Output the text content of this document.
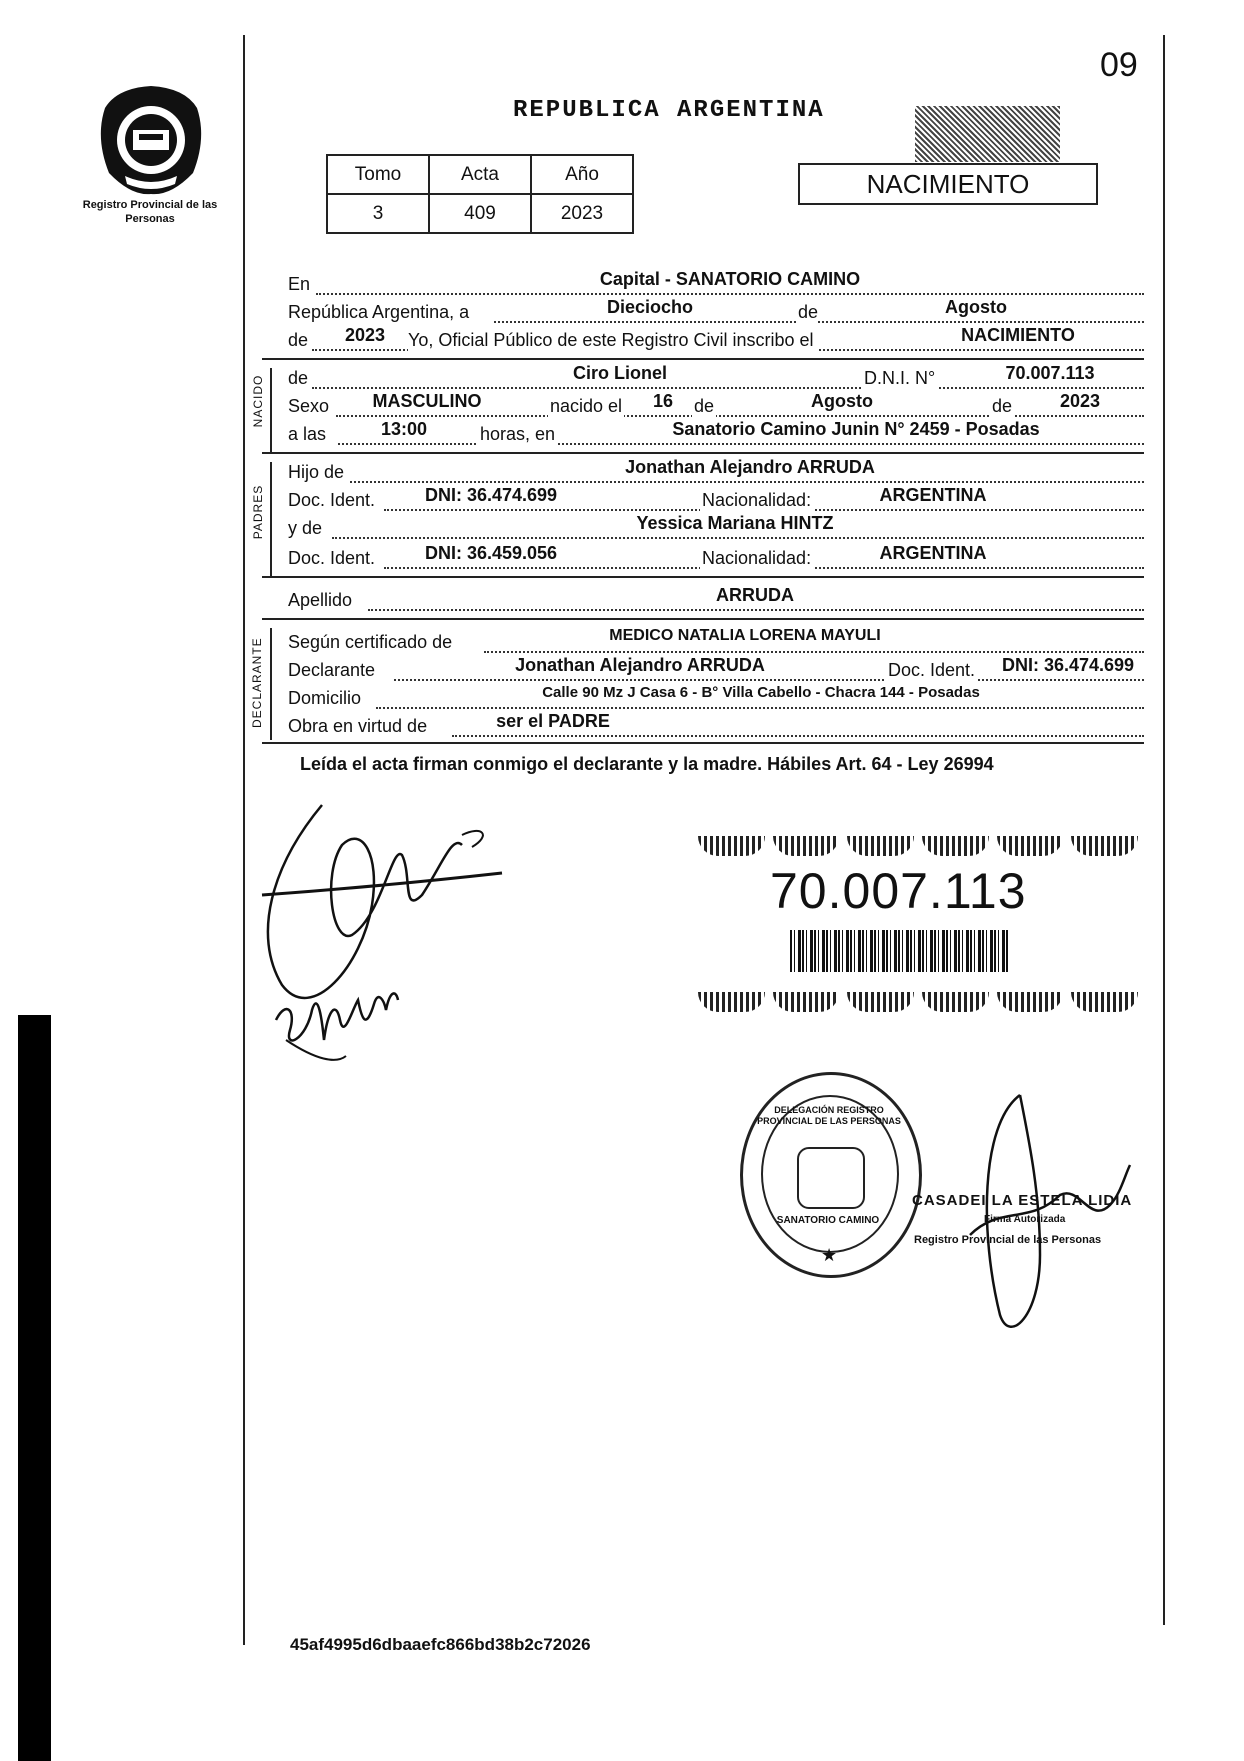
09
Registro Provincial de las Personas
REPUBLICA ARGENTINA
NACIMIENTO
Tomo	Acta	Año
3	409	2023
En	Capital - SANATORIO CAMINO
República Argentina, a	Dieciocho	de	Agosto
de	2023	Yo, Oficial Público de este Registro Civil inscribo el	NACIMIENTO
NACIDO de	Ciro Lionel	D.N.I. N°	70.007.113
Sexo	MASCULINO	nacido el 16 de	Agosto	de	2023
a las	13:00	horas, en	Sanatorio Camino Junin N° 2459 - Posadas
PADRES
Hijo de	Jonathan Alejandro ARRUDA
Doc. Ident.	DNI: 36.474.699	Nacionalidad:	ARGENTINA
y de	Yessica Mariana HINTZ
Doc. Ident.	DNI: 36.459.056	Nacionalidad:	ARGENTINA
Apellido	ARRUDA
DECLARANTE Según certificado de	MEDICO NATALIA LORENA MAYULI
Declarante	Jonathan Alejandro ARRUDA	Doc. Ident.	DNI: 36.474.699
Domicilio	Calle 90 Mz J Casa 6 - B° Villa Cabello - Chacra 144 - Posadas
Obra en virtud de	ser el PADRE
Leída el acta firman conmigo el declarante y la madre. Hábiles Art. 64 - Ley 26994
70.007.113
DELEGACIÓN REGISTRO PROVINCIAL DE LAS PERSONAS
SANATORIO CAMINO
★
CASADEI LA ESTELA LIDIA
Firma Autorizada
Registro Provincial de las Personas
45af4995d6dbaaefc866bd38b2c72026
